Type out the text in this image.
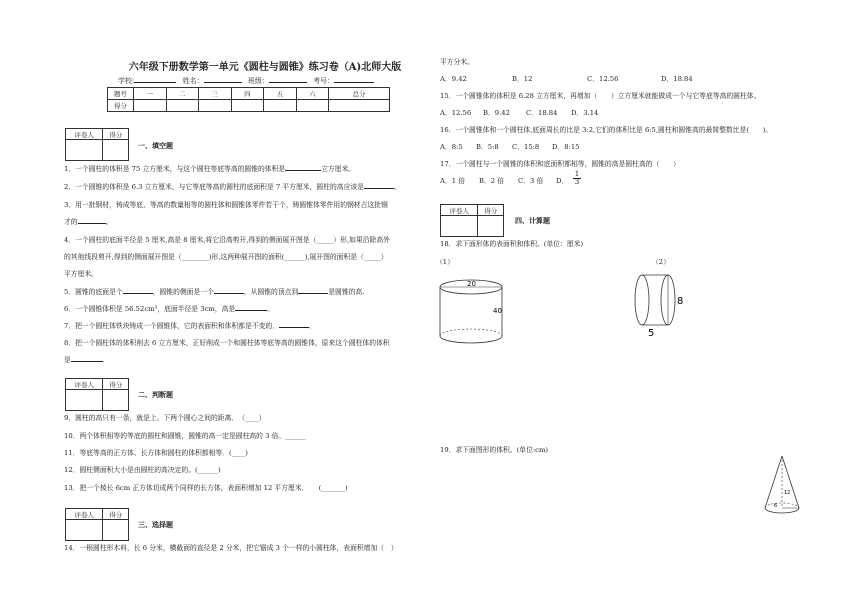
六年级下册数学第一单元《圆柱与圆锥》练习卷（A)北师大版
学校:	姓名：	班级：	考号：
题号	一	二	三	四	五	六	总分
得分							
评卷人	得分

一、填空题
1．一个圆柱的体积是 75 立方厘米，与这个圆柱等底等高的圆锥的体积是	立方厘米。
2．一个圆锥的体积是 6.3 立方厘米，与它等底等高的圆柱的底面积是 7 平方厘米，圆柱的高应该是	。
3．用一批钢材，铸成等底、等高的数量相等的圆柱体和圆锥体零件若干个，铸圆锥体零件用的钢材占这批钢
才的	。
4．一个圆柱的底面半径是 5 厘米,高是 8 厘米,将它沿高剪开,得到的侧面展开图是（_____）形,如果沿除高外
的其他线段剪开,得到的侧面展开图是（________)形,这两种展开图的面积(______),展开图的面积是（_____）
平方厘米。
5．圆锥的底面是个	，圆锥的侧面是一个	，从圆锥的顶点到	是圆锥的高.
6．一个圆锥体积是 56.52cm³，底面半径是 3cm，高是	。
7．把一个圆柱体铁块铸成一个圆锥体，它的表面积和体积都是不变的．	．
8．把一个圆柱体的体积削去 6 立方厘米，正好削成一个和圆柱体等底等高的圆锥体，原来这个圆柱体的体积
是	．
评卷人	得分

二、判断题
9．圆柱的高只有一条，就是上、下两个圆心之间的距离．　（____）
10．两个体积相等的等底的圆柱和圆锥，圆锥的高一定是圆柱高的 3 倍。______
11．等底等高的正方体、长方体和圆柱的体积都相等．(____)
12．圆柱侧面积大小是由圆柱的高决定的。(______)
13．把一个棱长 6cm 正方体切成两个同样的长方体，表面积增加 12 平方厘米．　　(_______)
评卷人	得分

三、选择题
14．一根圆柱形木料，长 6 分米，横截面的直径是 2 分米，把它锯成 3 个一样的小圆柱体，表面积增加（　）
平方分米。
A．9.42	B．12	C．12.56	D．18.84
15．一个圆锥体的体积是 6.28 立方厘米，再增加（　　）立方厘米就能做成一个与它等底等高的圆柱体。
A．12.56 B．9.42 C．18.84 D．3.14
16．一个圆锥体和一个圆柱体,底面周长的比是 3:2,它们的体积比是 6:5,圆柱和圆锥高的最简整数比是(　　)。
A．8:5 B．5:8 C．15:8 D．8:15
17．一个圆柱与一个圆锥的体积和底面积都相等，圆锥的高是圆柱高的（　　）
A．1 倍 B．2 倍 C．3 倍 D． $\frac{1}{3}$
评卷人	得分

四、计算题
18．求下面形体的表面积和体积。(单位：厘米)
（1）	（2）
20
40
8
5
19．求下面图形的体积。(单位:cm)
12
6
